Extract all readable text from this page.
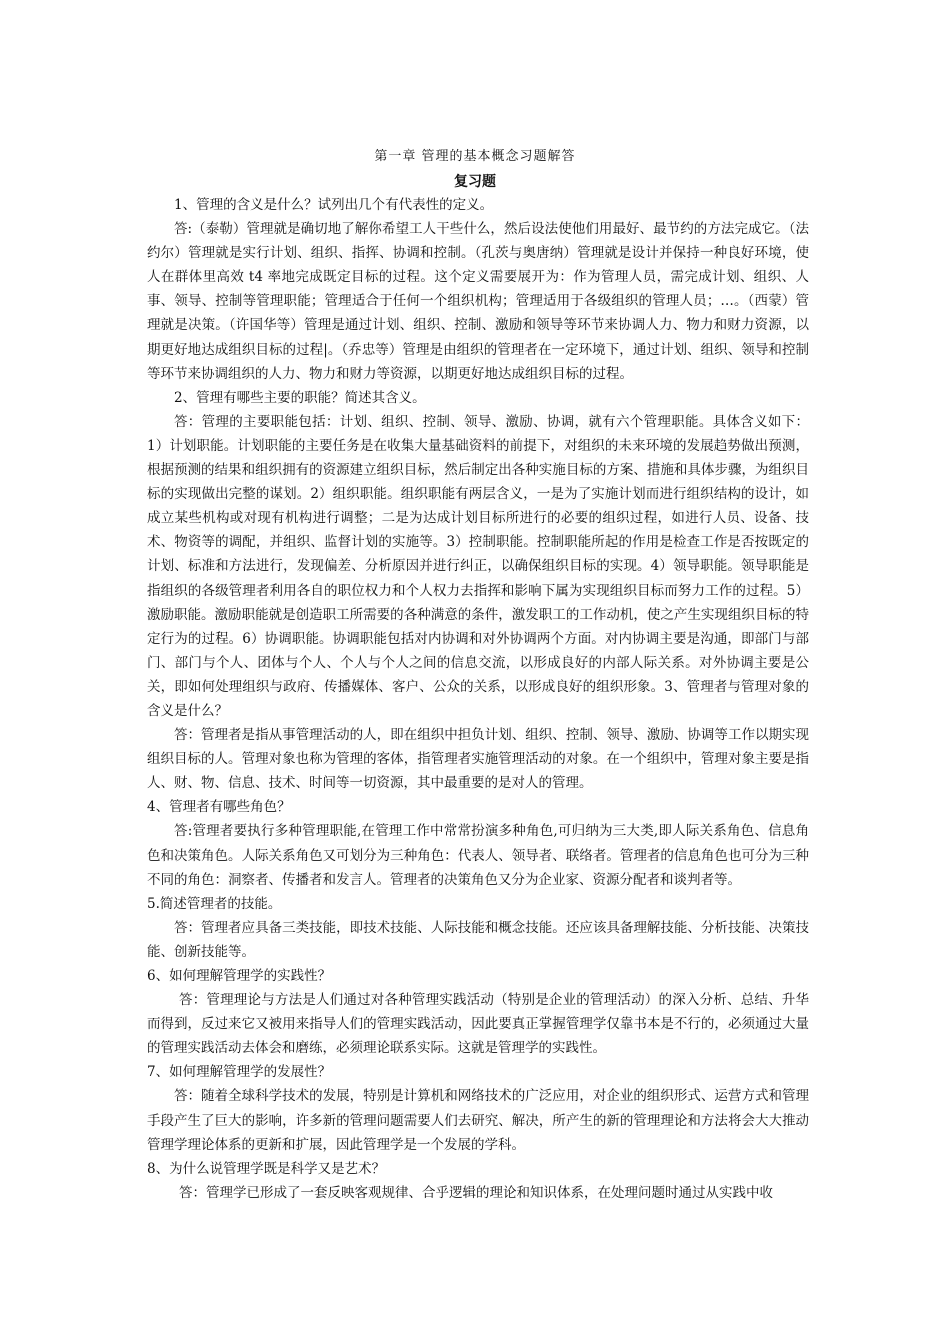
第一章 管理的基本概念习题解答
复习题

1、管理的含义是什么？试列出几个有代表性的定义。

答:（泰勒）管理就是确切地了解你希望工人干些什么，然后设法使他们用最好、最节约的方法完成它。（法约尔）管理就是实行计划、组织、指挥、协调和控制。（孔茨与奥唐纳）管理就是设计并保持一种良好环境，使人在群体里高效 t4 率地完成既定目标的过程。这个定义需要展开为：作为管理人员，需完成计划、组织、人事、领导、控制等管理职能；管理适合于任何一个组织机构；管理适用于各级组织的管理人员；…。（西蒙）管理就是决策。（许国华等）管理是通过计划、组织、控制、激励和领导等环节来协调人力、物力和财力资源，以期更好地达成组织目标的过程|。（乔忠等）管理是由组织的管理者在一定环境下，通过计划、组织、领导和控制等环节来协调组织的人力、物力和财力等资源，以期更好地达成组织目标的过程。

2、管理有哪些主要的职能？简述其含义。

答：管理的主要职能包括：计划、组织、控制、领导、激励、协调，就有六个管理职能。具体含义如下：1）计划职能。计划职能的主要任务是在收集大量基础资料的前提下，对组织的未来环境的发展趋势做出预测，根据预测的结果和组织拥有的资源建立组织目标，然后制定出各种实施目标的方案、措施和具体步骤，为组织目标的实现做出完整的谋划。2）组织职能。组织职能有两层含义，一是为了实施计划而进行组织结构的设计，如成立某些机构或对现有机构进行调整；二是为达成计划目标所进行的必要的组织过程，如进行人员、设备、技术、物资等的调配，并组织、监督计划的实施等。3）控制职能。控制职能所起的作用是检查工作是否按既定的计划、标准和方法进行，发现偏差、分析原因并进行纠正，以确保组织目标的实现。4）领导职能。领导职能是指组织的各级管理者利用各自的职位权力和个人权力去指挥和影响下属为实现组织目标而努力工作的过程。5）激励职能。激励职能就是创造职工所需要的各种满意的条件，激发职工的工作动机，使之产生实现组织目标的特定行为的过程。6）协调职能。协调职能包括对内协调和对外协调两个方面。对内协调主要是沟通，即部门与部门、部门与个人、团体与个人、个人与个人之间的信息交流，以形成良好的内部人际关系。对外协调主要是公关，即如何处理组织与政府、传播媒体、客户、公众的关系，以形成良好的组织形象。3、管理者与管理对象的含义是什么？

答：管理者是指从事管理活动的人，即在组织中担负计划、组织、控制、领导、激励、协调等工作以期实现组织目标的人。管理对象也称为管理的客体，指管理者实施管理活动的对象。在一个组织中，管理对象主要是指人、财、物、信息、技术、时间等一切资源，其中最重要的是对人的管理。

4、管理者有哪些角色？

答:管理者要执行多种管理职能,在管理工作中常常扮演多种角色,可归纳为三大类,即人际关系角色、信息角色和决策角色。人际关系角色又可划分为三种角色：代表人、领导者、联络者。管理者的信息角色也可分为三种不同的角色：洞察者、传播者和发言人。管理者的决策角色又分为企业家、资源分配者和谈判者等。

5.简述管理者的技能。

答：管理者应具备三类技能，即技术技能、人际技能和概念技能。还应该具备理解技能、分析技能、决策技能、创新技能等。

6、如何理解管理学的实践性？

答：管理理论与方法是人们通过对各种管理实践活动（特别是企业的管理活动）的深入分析、总结、升华而得到，反过来它又被用来指导人们的管理实践活动，因此要真正掌握管理学仅靠书本是不行的，必须通过大量的管理实践活动去体会和磨练，必须理论联系实际。这就是管理学的实践性。

7、如何理解管理学的发展性？

答：随着全球科学技术的发展，特别是计算机和网络技术的广泛应用，对企业的组织形式、运营方式和管理手段产生了巨大的影响，许多新的管理问题需要人们去研究、解决，所产生的新的管理理论和方法将会大大推动管理学理论体系的更新和扩展，因此管理学是一个发展的学科。

8、为什么说管理学既是科学又是艺术？

答：管理学已形成了一套反映客观规律、合乎逻辑的理论和知识体系，在处理问题时通过从实践中收
